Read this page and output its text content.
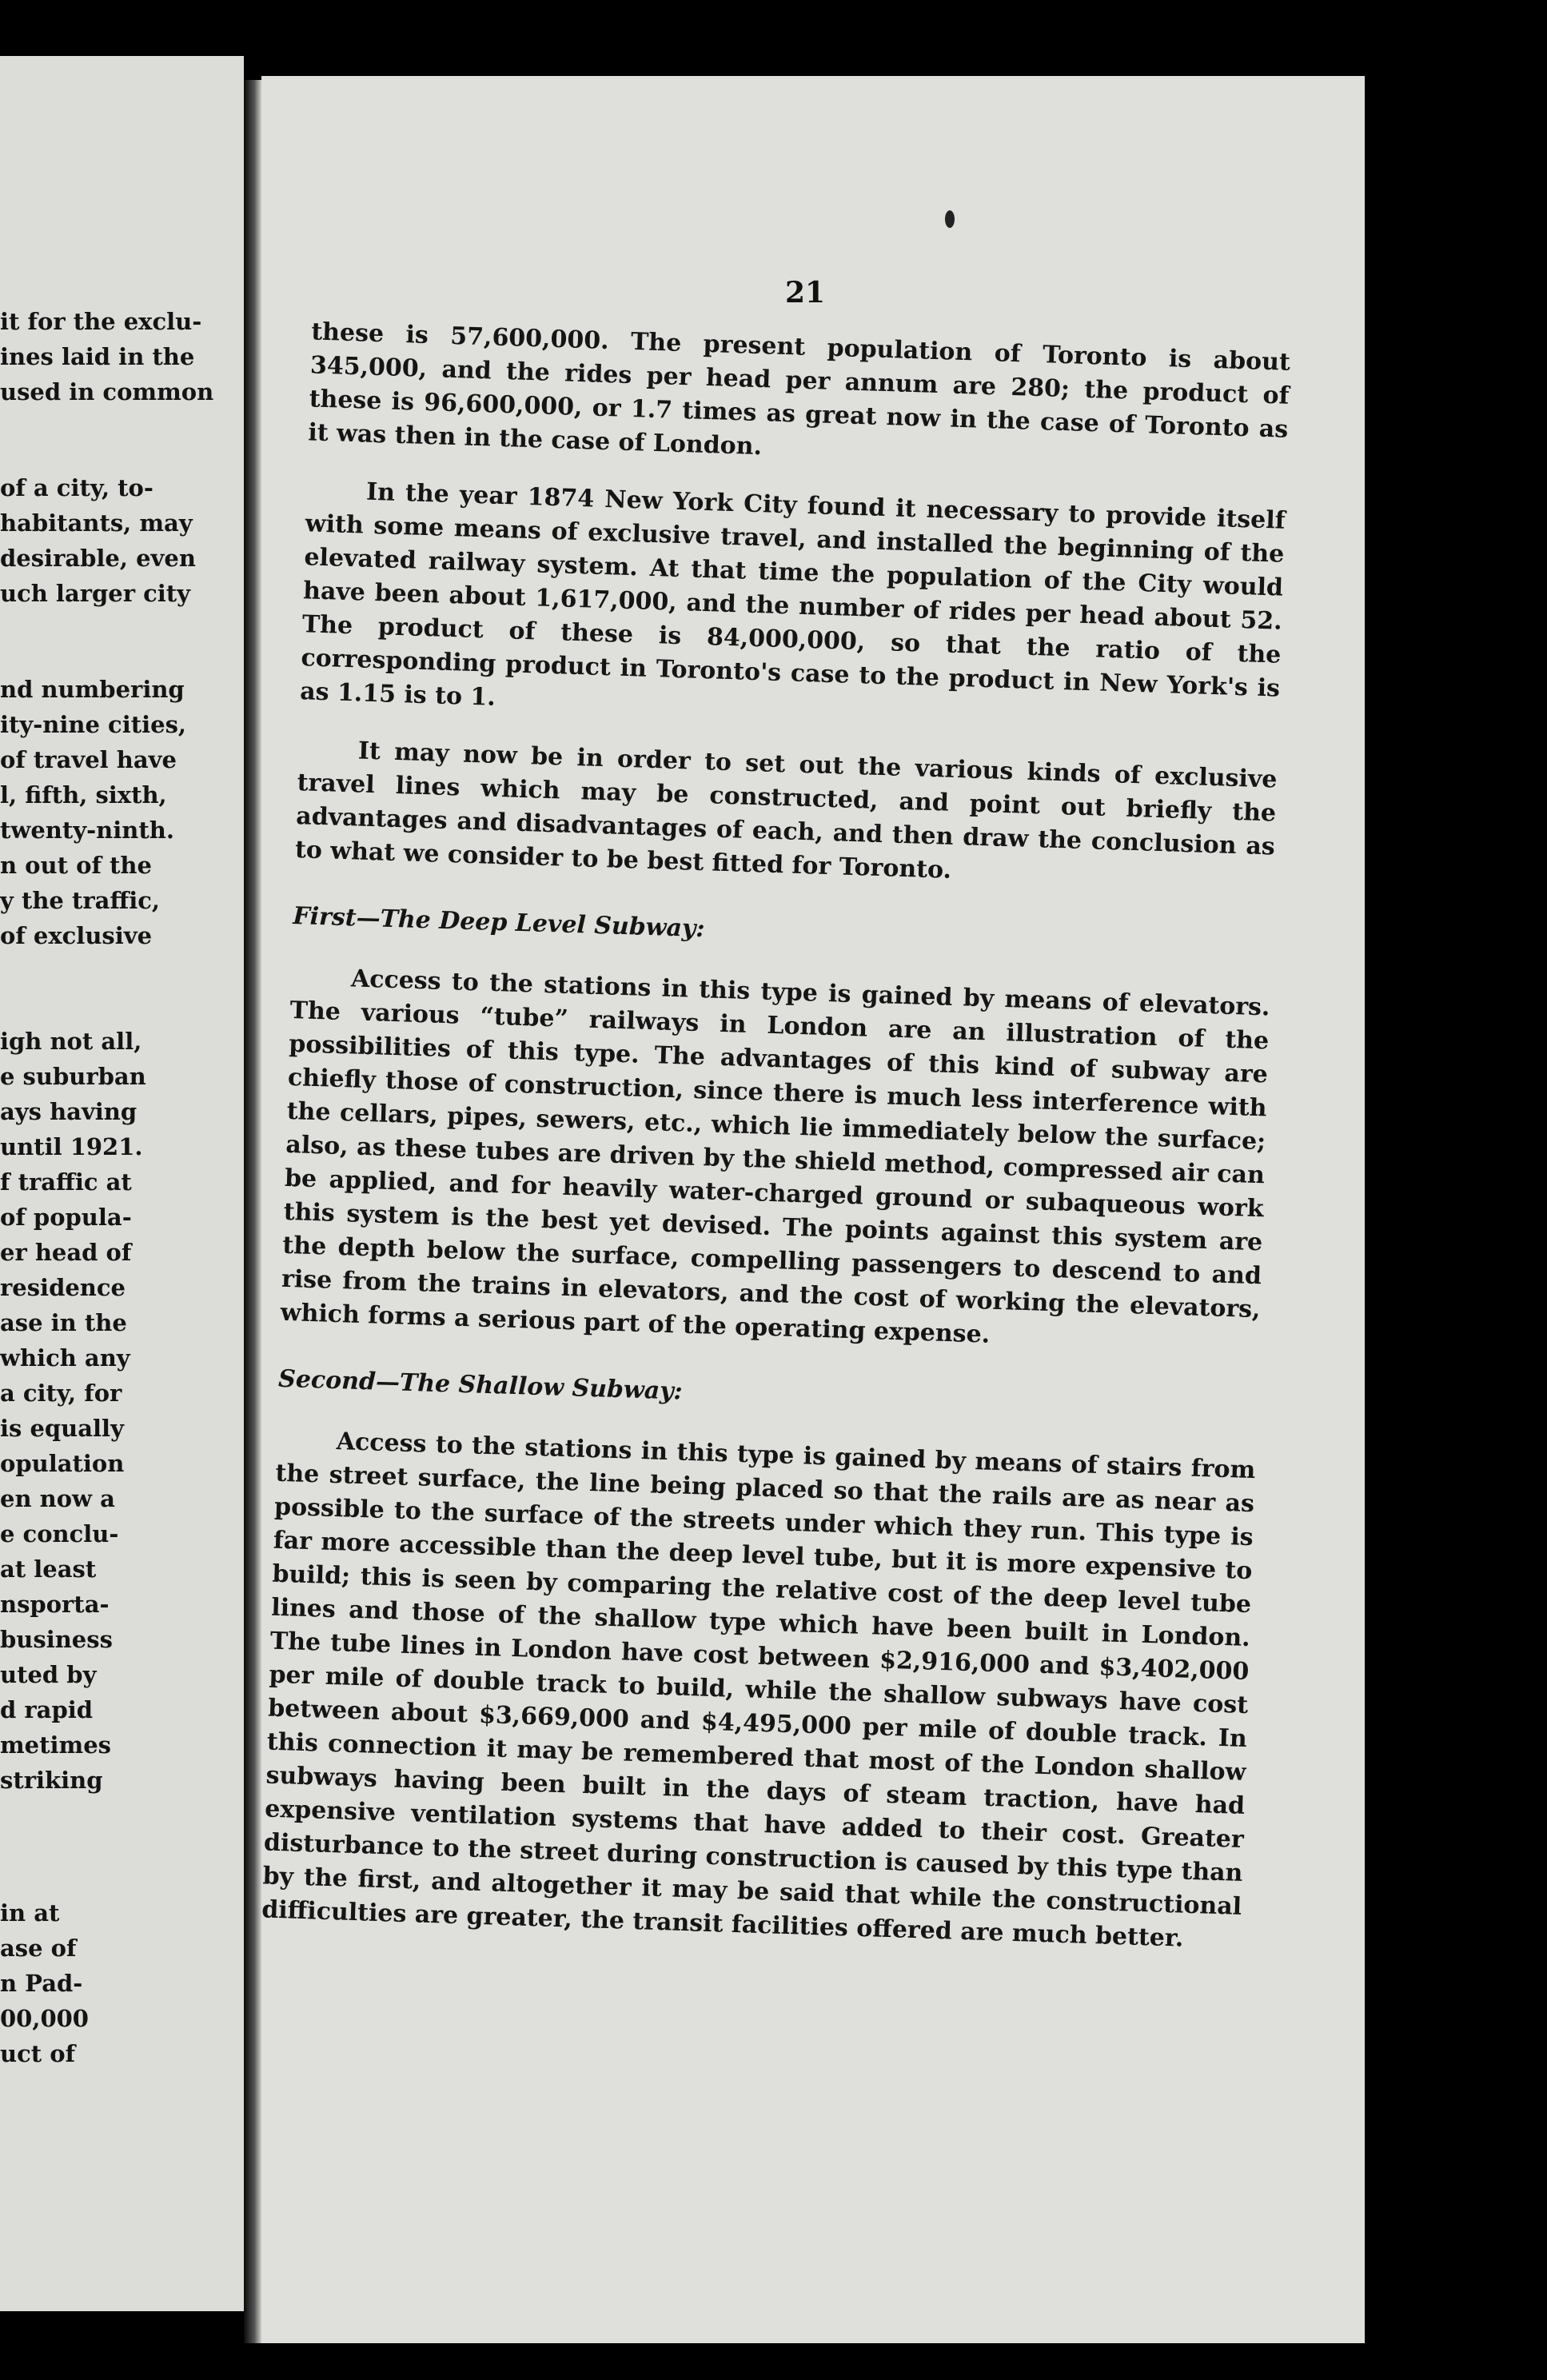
it for the exclu-
ines laid in the
used in common
of a city, to-
habitants, may
desirable, even
uch larger city
nd numbering
ity-nine cities,
of travel have
l, fifth, sixth,
twenty-ninth.
n out of the
y the traffic,
of exclusive
igh not all,
e suburban
ays having
until 1921.
f traffic at
of popula-
er head of
residence
ase in the
which any
a city, for
is equally
opulation
en now a
e conclu-
at least
nsporta-
business
uted by
d rapid
metimes
striking
in at
ase of
n Pad-
00,000
uct of
21

these is 57,600,000. The present population of Toronto is about 345,000, and the rides per head per annum are 280; the product of these is 96,600,000, or 1.7 times as great now in the case of Toronto as it was then in the case of London.

In the year 1874 New York City found it necessary to provide itself with some means of exclusive travel, and installed the beginning of the elevated railway system. At that time the population of the City would have been about 1,617,000, and the number of rides per head about 52. The product of these is 84,000,000, so that the ratio of the corresponding product in Toronto's case to the product in New York's is as 1.15 is to 1.

It may now be in order to set out the various kinds of exclusive travel lines which may be constructed, and point out briefly the advantages and disadvantages of each, and then draw the conclusion as to what we consider to be best fitted for Toronto.

First—The Deep Level Subway:

Access to the stations in this type is gained by means of elevators. The various “tube” railways in London are an illustration of the possibilities of this type. The advantages of this kind of subway are chiefly those of construction, since there is much less interference with the cellars, pipes, sewers, etc., which lie immediately below the surface; also, as these tubes are driven by the shield method, compressed air can be applied, and for heavily water-charged ground or subaqueous work this system is the best yet devised. The points against this system are the depth below the surface, compelling passengers to descend to and rise from the trains in elevators, and the cost of working the elevators, which forms a serious part of the operating expense.

Second—The Shallow Subway:

Access to the stations in this type is gained by means of stairs from the street surface, the line being placed so that the rails are as near as possible to the surface of the streets under which they run. This type is far more accessible than the deep level tube, but it is more expensive to build; this is seen by comparing the relative cost of the deep level tube lines and those of the shallow type which have been built in London. The tube lines in London have cost between $2,916,000 and $3,402,000 per mile of double track to build, while the shallow subways have cost between about $3,669,000 and $4,495,000 per mile of double track. In this connection it may be remembered that most of the London shallow subways having been built in the days of steam traction, have had expensive ventilation systems that have added to their cost. Greater disturbance to the street during construction is caused by this type than by the first, and altogether it may be said that while the constructional difficulties are greater, the transit facilities offered are much better.
